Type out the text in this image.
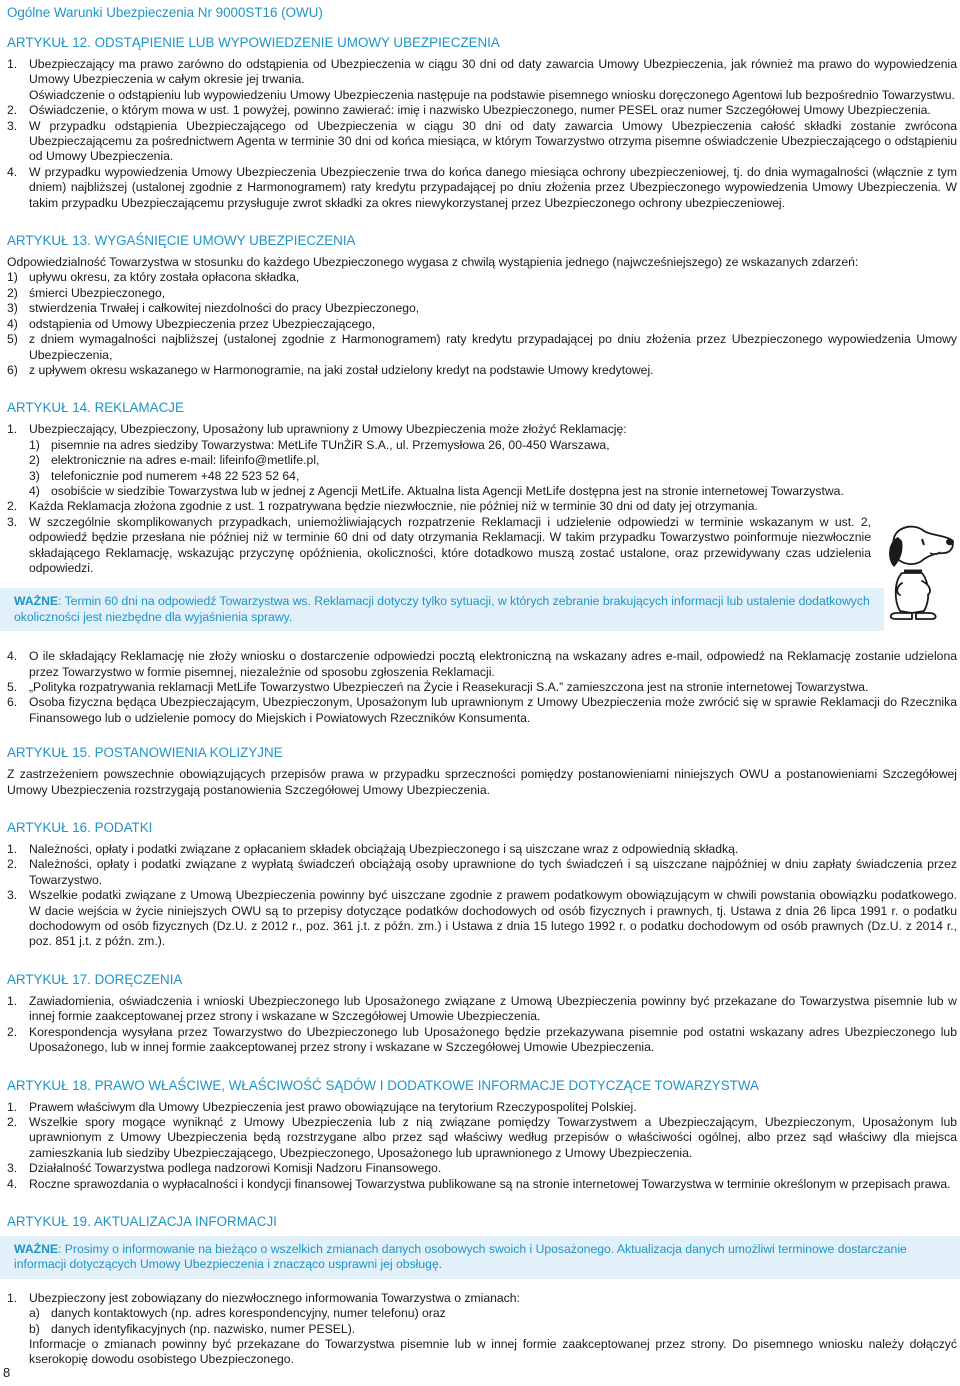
Ogólne Warunki Ubezpieczenia Nr 9000ST16 (OWU)
ARTYKUŁ 12. ODSTĄPIENIE LUB WYPOWIEDZENIE UMOWY UBEZPIECZENIA
1. Ubezpieczający ma prawo zarówno do odstąpienia od Ubezpieczenia w ciągu 30 dni od daty zawarcia Umowy Ubezpieczenia, jak również ma prawo do wypowiedzenia Umowy Ubezpieczenia w całym okresie jej trwania.

Oświadczenie o odstąpieniu lub wypowiedzeniu Umowy Ubezpieczenia następuje na podstawie pisemnego wniosku doręczonego Agentowi lub bezpośrednio Towarzystwu.

2. Oświadczenie, o którym mowa w ust. 1 powyżej, powinno zawierać: imię i nazwisko Ubezpieczonego, numer PESEL oraz numer Szczegółowej Umowy Ubezpieczenia.

3. W przypadku odstąpienia Ubezpieczającego od Ubezpieczenia w ciągu 30 dni od daty zawarcia Umowy Ubezpieczenia całość składki zostanie zwrócona Ubezpieczającemu za pośrednictwem Agenta w terminie 30 dni od końca miesiąca, w którym Towarzystwo otrzyma pisemne oświadczenie Ubezpieczającego o odstąpieniu od Umowy Ubezpieczenia.

4. W przypadku wypowiedzenia Umowy Ubezpieczenia Ubezpieczenie trwa do końca danego miesiąca ochrony ubezpieczeniowej, tj. do dnia wymagalności (włącznie z tym dniem) najbliższej (ustalonej zgodnie z Harmonogramem) raty kredytu przypadającej po dniu złożenia przez Ubezpieczonego wypowiedzenia Umowy Ubezpieczenia. W takim przypadku Ubezpieczającemu przysługuje zwrot składki za okres niewykorzystanej przez Ubezpieczonego ochrony ubezpieczeniowej.

ARTYKUŁ 13. WYGAŚNIĘCIE UMOWY UBEZPIECZENIA

Odpowiedzialność Towarzystwa w stosunku do każdego Ubezpieczonego wygasa z chwilą wystąpienia jednego (najwcześniejszego) ze wskazanych zdarzeń:

1) upływu okresu, za który została opłacona składka,

2) śmierci Ubezpieczonego,

3) stwierdzenia Trwałej i całkowitej niezdolności do pracy Ubezpieczonego,

4) odstąpienia od Umowy Ubezpieczenia przez Ubezpieczającego,

5) z dniem wymagalności najbliższej (ustalonej zgodnie z Harmonogramem) raty kredytu przypadającej po dniu złożenia przez Ubezpieczonego wypowiedzenia Umowy Ubezpieczenia,

6) z upływem okresu wskazanego w Harmonogramie, na jaki został udzielony kredyt na podstawie Umowy kredytowej.

ARTYKUŁ 14. REKLAMACJE
1. Ubezpieczający, Ubezpieczony, Uposażony lub uprawniony z Umowy Ubezpieczenia może złożyć Reklamację:

1) pisemnie na adres siedziby Towarzystwa: MetLife TUnŻiR S.A., ul. Przemysłowa 26, 00-450 Warszawa,

2) elektronicznie na adres e-mail: lifeinfo@metlife.pl,

3) telefonicznie pod numerem +48 22 523 52 64,

4) osobiście w siedzibie Towarzystwa lub w jednej z Agencji MetLife. Aktualna lista Agencji MetLife dostępna jest na stronie internetowej Towarzystwa.

2. Każda Reklamacja złożona zgodnie z ust. 1 rozpatrywana będzie niezwłocznie, nie później niż w terminie 30 dni od daty jej otrzymania.

3. W szczególnie skomplikowanych przypadkach, uniemożliwiających rozpatrzenie Reklamacji i udzielenie odpowiedzi w terminie wskazanym w ust. 2, odpowiedź będzie przesłana nie później niż w terminie 60 dni od daty otrzymania Reklamacji. W takim przypadku Towarzystwo poinformuje niezwłocznie składającego Reklamację, wskazując przyczynę opóźnienia, okoliczności, które dotadkowo muszą zostać ustalone, oraz przewidywany czas udzielenia odpowiedzi.

WAŻNE: Termin 60 dni na odpowiedź Towarzystwa ws. Reklamacji dotyczy tylko sytuacji, w których zebranie brakujących informacji lub ustalenie dodatkowych okoliczności jest niezbędne dla wyjaśnienia sprawy.
4. O ile składający Reklamację nie złoży wniosku o dostarczenie odpowiedzi pocztą elektroniczną na wskazany adres e-mail, odpowiedź na Reklamację zostanie udzielona przez Towarzystwo w formie pisemnej, niezależnie od sposobu zgłoszenia Reklamacji.

5. „Polityka rozpatrywania reklamacji MetLife Towarzystwo Ubezpieczeń na Życie i Reasekuracji S.A.” zamieszczona jest na stronie internetowej Towarzystwa.

6. Osoba fizyczna będąca Ubezpieczającym, Ubezpieczonym, Uposażonym lub uprawnionym z Umowy Ubezpieczenia może zwrócić się w sprawie Reklamacji do Rzecznika Finansowego lub o udzielenie pomocy do Miejskich i Powiatowych Rzeczników Konsumenta.

ARTYKUŁ 15. POSTANOWIENIA KOLIZYJNE

Z zastrzeżeniem powszechnie obowiązujących przepisów prawa w przypadku sprzeczności pomiędzy postanowieniami niniejszych OWU a postanowieniami Szczegółowej Umowy Ubezpieczenia rozstrzygają postanowienia Szczegółowej Umowy Ubezpieczenia.

ARTYKUŁ 16. PODATKI
1. Należności, opłaty i podatki związane z opłacaniem składek obciążają Ubezpieczonego i są uiszczane wraz z odpowiednią składką.

2. Należności, opłaty i podatki związane z wypłatą świadczeń obciążają osoby uprawnione do tych świadczeń i są uiszczane najpóźniej w dniu zapłaty świadczenia przez Towarzystwo.

3. Wszelkie podatki związane z Umową Ubezpieczenia powinny być uiszczane zgodnie z prawem podatkowym obowiązującym w chwili powstania obowiązku podatkowego. W dacie wejścia w życie niniejszych OWU są to przepisy dotyczące podatków dochodowych od osób fizycznych i prawnych, tj. Ustawa z dnia 26 lipca 1991 r. o podatku dochodowym od osób fizycznych (Dz.U. z 2012 r., poz. 361 j.t. z późn. zm.) i Ustawa z dnia 15 lutego 1992 r. o podatku dochodowym od osób prawnych (Dz.U. z 2014 r., poz. 851 j.t. z późn. zm.).

ARTYKUŁ 17. DORĘCZENIA
1. Zawiadomienia, oświadczenia i wnioski Ubezpieczonego lub Uposażonego związane z Umową Ubezpieczenia powinny być przekazane do Towarzystwa pisemnie lub w innej formie zaakceptowanej przez strony i wskazane w Szczegółowej Umowie Ubezpieczenia.

2. Korespondencja wysyłana przez Towarzystwo do Ubezpieczonego lub Uposażonego będzie przekazywana pisemnie pod ostatni wskazany adres Ubezpieczonego lub Uposażonego, lub w innej formie zaakceptowanej przez strony i wskazane w Szczegółowej Umowie Ubezpieczenia.

ARTYKUŁ 18. PRAWO WŁAŚCIWE, WŁAŚCIWOŚĆ SĄDÓW I DODATKOWE INFORMACJE DOTYCZĄCE TOWARZYSTWA
1. Prawem właściwym dla Umowy Ubezpieczenia jest prawo obowiązujące na terytorium Rzeczypospolitej Polskiej.

2. Wszelkie spory mogące wyniknąć z Umowy Ubezpieczenia lub z nią związane pomiędzy Towarzystwem a Ubezpieczającym, Ubezpieczonym, Uposażonym lub uprawnionym z Umowy Ubezpieczenia będą rozstrzygane albo przez sąd właściwy według przepisów o właściwości ogólnej, albo przez sąd właściwy dla miejsca zamieszkania lub siedziby Ubezpieczającego, Ubezpieczonego, Uposażonego lub uprawnionego z Umowy Ubezpieczenia.

3. Działalność Towarzystwa podlega nadzorowi Komisji Nadzoru Finansowego.

4. Roczne sprawozdania o wypłacalności i kondycji finansowej Towarzystwa publikowane są na stronie internetowej Towarzystwa w terminie określonym w przepisach prawa.

ARTYKUŁ 19. AKTUALIZACJA INFORMACJI
WAŻNE: Prosimy o informowanie na bieżąco o wszelkich zmianach danych osobowych swoich i Uposażonego. Aktualizacja danych umożliwi terminowe dostarczanie informacji dotyczących Umowy Ubezpieczenia i znacząco usprawni jej obsługę.
1. Ubezpieczony jest zobowiązany do niezwłocznego informowania Towarzystwa o zmianach:

a) danych kontaktowych (np. adres korespondencyjny, numer telefonu) oraz

b) danych identyfikacyjnych (np. nazwisko, numer PESEL).

Informacje o zmianach powinny być przekazane do Towarzystwa pisemnie lub w innej formie zaakceptowanej przez strony. Do pisemnego wniosku należy dołączyć kserokopię dowodu osobistego Ubezpieczonego.

8
